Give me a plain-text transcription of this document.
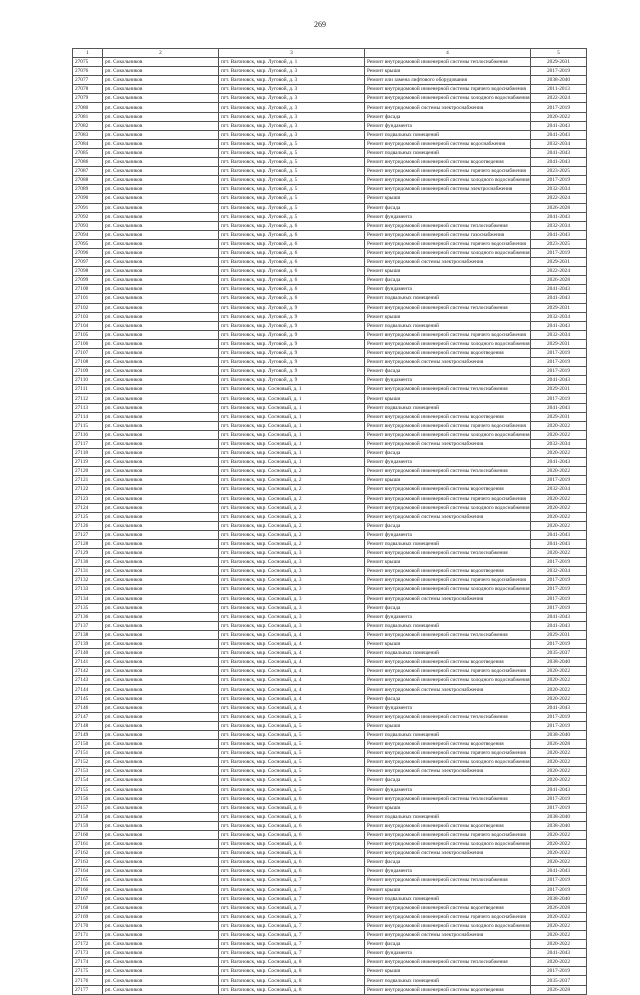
269
1	2	3	4	5
27075	рп. Сокольников	пгт. Вагоновск, мкр. Луговой, д. 1	Ремонт внутридомовой инженерной системы теплоснабжения	2029-2031
27076	рп. Сокольников	пгт. Вагоновск, мкр. Луговой, д. 3	Ремонт крыши	2017-2019
27077	рп. Сокольников	пгт. Вагоновск, мкр. Луговой, д. 3	Ремонт или замена лифтового оборудования	2038-2040
27078	рп. Сокольников	пгт. Вагоновск, мкр. Луговой, д. 3	Ремонт внутридомовой инженерной системы горячего водоснабжения	2011-2013
27079	рп. Сокольников	пгт. Вагоновск, мкр. Луговой, д. 3	Ремонт внутридомовой инженерной системы холодного водоснабжения	2022-2024
27080	рп. Сокольников	пгт. Вагоновск, мкр. Луговой, д. 3	Ремонт внутридомовой системы электроснабжения	2017-2019
27081	рп. Сокольников	пгт. Вагоновск, мкр. Луговой, д. 3	Ремонт фасада	2020-2022
27082	рп. Сокольников	пгт. Вагоновск, мкр. Луговой, д. 3	Ремонт фундамента	2041-2043
27083	рп. Сокольников	пгт. Вагоновск, мкр. Луговой, д. 3	Ремонт подвальных помещений	2041-2043
27084	рп. Сокольников	пгт. Вагоновск, мкр. Луговой, д. 5	Ремонт внутридомовой инженерной системы водоснабжения	2032-2034
27085	рп. Сокольников	пгт. Вагоновск, мкр. Луговой, д. 5	Ремонт подвальных помещений	2041-2043
27086	рп. Сокольников	пгт. Вагоновск, мкр. Луговой, д. 5	Ремонт внутридомовой инженерной системы водоотведения	2041-2043
27087	рп. Сокольников	пгт. Вагоновск, мкр. Луговой, д. 5	Ремонт внутридомовой инженерной системы горячего водоснабжения	2023-2025
27088	рп. Сокольников	пгт. Вагоновск, мкр. Луговой, д. 5	Ремонт внутридомовой инженерной системы холодного водоснабжения	2017-2019
27089	рп. Сокольников	пгт. Вагоновск, мкр. Луговой, д. 5	Ремонт внутридомовой инженерной системы электроснабжения	2032-2034
27090	рп. Сокольников	пгт. Вагоновск, мкр. Луговой, д. 5	Ремонт крыши	2022-2024
27091	рп. Сокольников	пгт. Вагоновск, мкр. Луговой, д. 5	Ремонт фасада	2026-2028
27092	рп. Сокольников	пгт. Вагоновск, мкр. Луговой, д. 5	Ремонт фундамента	2041-2043
27093	рп. Сокольников	пгт. Вагоновск, мкр. Луговой, д. 6	Ремонт внутридомовой инженерной системы теплоснабжения	2032-2034
27094	рп. Сокольников	пгт. Вагоновск, мкр. Луговой, д. 6	Ремонт внутридомовой инженерной системы газоснабжения	2041-2043
27095	рп. Сокольников	пгт. Вагоновск, мкр. Луговой, д. 6	Ремонт внутридомовой инженерной системы горячего водоснабжения	2023-2025
27096	рп. Сокольников	пгт. Вагоновск, мкр. Луговой, д. 6	Ремонт внутридомовой инженерной системы холодного водоснабжения	2017-2019
27097	рп. Сокольников	пгт. Вагоновск, мкр. Луговой, д. 6	Ремонт внутридомовой системы электроснабжения	2029-2031
27098	рп. Сокольников	пгт. Вагоновск, мкр. Луговой, д. 6	Ремонт крыши	2022-2024
27099	рп. Сокольников	пгт. Вагоновск, мкр. Луговой, д. 6	Ремонт фасада	2026-2028
27100	рп. Сокольников	пгт. Вагоновск, мкр. Луговой, д. 6	Ремонт фундамента	2041-2043
27101	рп. Сокольников	пгт. Вагоновск, мкр. Луговой, д. 6	Ремонт подвальных помещений	2041-2043
27102	рп. Сокольников	пгт. Вагоновск, мкр. Луговой, д. 9	Ремонт внутридомовой инженерной системы теплоснабжения	2029-2031
27103	рп. Сокольников	пгт. Вагоновск, мкр. Луговой, д. 9	Ремонт крыши	2032-2034
27104	рп. Сокольников	пгт. Вагоновск, мкр. Луговой, д. 9	Ремонт подвальных помещений	2041-2043
27105	рп. Сокольников	пгт. Вагоновск, мкр. Луговой, д. 9	Ремонт внутридомовой инженерной системы горячего водоснабжения	2032-2034
27106	рп. Сокольников	пгт. Вагоновск, мкр. Луговой, д. 9	Ремонт внутридомовой инженерной системы холодного водоснабжения	2029-2031
27107	рп. Сокольников	пгт. Вагоновск, мкр. Луговой, д. 9	Ремонт внутридомовой инженерной системы водоотведения	2017-2019
27108	рп. Сокольников	пгт. Вагоновск, мкр. Луговой, д. 9	Ремонт внутридомовой системы электроснабжения	2017-2019
27109	рп. Сокольников	пгт. Вагоновск, мкр. Луговой, д. 9	Ремонт фасада	2017-2019
27110	рп. Сокольников	пгт. Вагоновск, мкр. Луговой, д. 9	Ремонт фундамента	2041-2043
27111	рп. Сокольников	пгт. Вагоновск, мкр. Сосновый, д. 1	Ремонт внутридомовой инженерной системы теплоснабжения	2029-2031
27112	рп. Сокольников	пгт. Вагоновск, мкр. Сосновый, д. 1	Ремонт крыши	2017-2019
27113	рп. Сокольников	пгт. Вагоновск, мкр. Сосновый, д. 1	Ремонт подвальных помещений	2041-2043
27114	рп. Сокольников	пгт. Вагоновск, мкр. Сосновый, д. 1	Ремонт внутридомовой инженерной системы водоотведения	2029-2031
27115	рп. Сокольников	пгт. Вагоновск, мкр. Сосновый, д. 1	Ремонт внутридомовой инженерной системы горячего водоснабжения	2020-2022
27116	рп. Сокольников	пгт. Вагоновск, мкр. Сосновый, д. 1	Ремонт внутридомовой инженерной системы холодного водоснабжения	2020-2022
27117	рп. Сокольников	пгт. Вагоновск, мкр. Сосновый, д. 1	Ремонт внутридомовой системы электроснабжения	2032-2034
27118	рп. Сокольников	пгт. Вагоновск, мкр. Сосновый, д. 1	Ремонт фасада	2020-2022
27119	рп. Сокольников	пгт. Вагоновск, мкр. Сосновый, д. 1	Ремонт фундамента	2041-2043
27120	рп. Сокольников	пгт. Вагоновск, мкр. Сосновый, д. 2	Ремонт внутридомовой инженерной системы теплоснабжения	2020-2022
27121	рп. Сокольников	пгт. Вагоновск, мкр. Сосновый, д. 2	Ремонт крыши	2017-2019
27122	рп. Сокольников	пгт. Вагоновск, мкр. Сосновый, д. 2	Ремонт внутридомовой инженерной системы водоотведения	2032-2034
27123	рп. Сокольников	пгт. Вагоновск, мкр. Сосновый, д. 2	Ремонт внутридомовой инженерной системы горячего водоснабжения	2020-2022
27124	рп. Сокольников	пгт. Вагоновск, мкр. Сосновый, д. 2	Ремонт внутридомовой инженерной системы холодного водоснабжения	2020-2022
27125	рп. Сокольников	пгт. Вагоновск, мкр. Сосновый, д. 2	Ремонт внутридомовой системы электроснабжения	2020-2022
27126	рп. Сокольников	пгт. Вагоновск, мкр. Сосновый, д. 2	Ремонт фасада	2020-2022
27127	рп. Сокольников	пгт. Вагоновск, мкр. Сосновый, д. 2	Ремонт фундамента	2041-2043
27128	рп. Сокольников	пгт. Вагоновск, мкр. Сосновый, д. 2	Ремонт подвальных помещений	2041-2043
27129	рп. Сокольников	пгт. Вагоновск, мкр. Сосновый, д. 3	Ремонт внутридомовой инженерной системы теплоснабжения	2020-2022
27130	рп. Сокольников	пгт. Вагоновск, мкр. Сосновый, д. 3	Ремонт крыши	2017-2019
27131	рп. Сокольников	пгт. Вагоновск, мкр. Сосновый, д. 3	Ремонт внутридомовой инженерной системы водоотведения	2032-2034
27132	рп. Сокольников	пгт. Вагоновск, мкр. Сосновый, д. 3	Ремонт внутридомовой инженерной системы горячего водоснабжения	2017-2019
27133	рп. Сокольников	пгт. Вагоновск, мкр. Сосновый, д. 3	Ремонт внутридомовой инженерной системы холодного водоснабжения	2017-2019
27134	рп. Сокольников	пгт. Вагоновск, мкр. Сосновый, д. 3	Ремонт внутридомовой системы электроснабжения	2017-2019
27135	рп. Сокольников	пгт. Вагоновск, мкр. Сосновый, д. 3	Ремонт фасада	2017-2019
27136	рп. Сокольников	пгт. Вагоновск, мкр. Сосновый, д. 3	Ремонт фундамента	2041-2043
27137	рп. Сокольников	пгт. Вагоновск, мкр. Сосновый, д. 3	Ремонт подвальных помещений	2041-2043
27138	рп. Сокольников	пгт. Вагоновск, мкр. Сосновый, д. 4	Ремонт внутридомовой инженерной системы теплоснабжения	2029-2031
27139	рп. Сокольников	пгт. Вагоновск, мкр. Сосновый, д. 4	Ремонт крыши	2017-2019
27140	рп. Сокольников	пгт. Вагоновск, мкр. Сосновый, д. 4	Ремонт подвальных помещений	2035-2037
27141	рп. Сокольников	пгт. Вагоновск, мкр. Сосновый, д. 4	Ремонт внутридомовой инженерной системы водоотведения	2038-2040
27142	рп. Сокольников	пгт. Вагоновск, мкр. Сосновый, д. 4	Ремонт внутридомовой инженерной системы горячего водоснабжения	2020-2022
27143	рп. Сокольников	пгт. Вагоновск, мкр. Сосновый, д. 4	Ремонт внутридомовой инженерной системы холодного водоснабжения	2020-2022
27144	рп. Сокольников	пгт. Вагоновск, мкр. Сосновый, д. 4	Ремонт внутридомовой системы электроснабжения	2020-2022
27145	рп. Сокольников	пгт. Вагоновск, мкр. Сосновый, д. 4	Ремонт фасада	2020-2022
27146	рп. Сокольников	пгт. Вагоновск, мкр. Сосновый, д. 4	Ремонт фундамента	2041-2043
27147	рп. Сокольников	пгт. Вагоновск, мкр. Сосновый, д. 5	Ремонт внутридомовой инженерной системы теплоснабжения	2017-2019
27148	рп. Сокольников	пгт. Вагоновск, мкр. Сосновый, д. 5	Ремонт крыши	2017-2019
27149	рп. Сокольников	пгт. Вагоновск, мкр. Сосновый, д. 5	Ремонт подвальных помещений	2038-2040
27150	рп. Сокольников	пгт. Вагоновск, мкр. Сосновый, д. 5	Ремонт внутридомовой инженерной системы водоотведения	2026-2028
27151	рп. Сокольников	пгт. Вагоновск, мкр. Сосновый, д. 5	Ремонт внутридомовой инженерной системы горячего водоснабжения	2020-2022
27152	рп. Сокольников	пгт. Вагоновск, мкр. Сосновый, д. 5	Ремонт внутридомовой инженерной системы холодного водоснабжения	2020-2022
27153	рп. Сокольников	пгт. Вагоновск, мкр. Сосновый, д. 5	Ремонт внутридомовой системы электроснабжения	2020-2022
27154	рп. Сокольников	пгт. Вагоновск, мкр. Сосновый, д. 5	Ремонт фасада	2020-2022
27155	рп. Сокольников	пгт. Вагоновск, мкр. Сосновый, д. 5	Ремонт фундамента	2041-2043
27156	рп. Сокольников	пгт. Вагоновск, мкр. Сосновый, д. 6	Ремонт внутридомовой инженерной системы теплоснабжения	2017-2019
27157	рп. Сокольников	пгт. Вагоновск, мкр. Сосновый, д. 6	Ремонт крыши	2017-2019
27158	рп. Сокольников	пгт. Вагоновск, мкр. Сосновый, д. 6	Ремонт подвальных помещений	2038-2040
27159	рп. Сокольников	пгт. Вагоновск, мкр. Сосновый, д. 6	Ремонт внутридомовой инженерной системы водоотведения	2038-2040
27160	рп. Сокольников	пгт. Вагоновск, мкр. Сосновый, д. 6	Ремонт внутридомовой инженерной системы горячего водоснабжения	2020-2022
27161	рп. Сокольников	пгт. Вагоновск, мкр. Сосновый, д. 6	Ремонт внутридомовой инженерной системы холодного водоснабжения	2020-2022
27162	рп. Сокольников	пгт. Вагоновск, мкр. Сосновый, д. 6	Ремонт внутридомовой системы электроснабжения	2020-2022
27163	рп. Сокольников	пгт. Вагоновск, мкр. Сосновый, д. 6	Ремонт фасада	2020-2022
27164	рп. Сокольников	пгт. Вагоновск, мкр. Сосновый, д. 6	Ремонт фундамента	2041-2043
27165	рп. Сокольников	пгт. Вагоновск, мкр. Сосновый, д. 7	Ремонт внутридомовой инженерной системы теплоснабжения	2017-2019
27166	рп. Сокольников	пгт. Вагоновск, мкр. Сосновый, д. 7	Ремонт крыши	2017-2019
27167	рп. Сокольников	пгт. Вагоновск, мкр. Сосновый, д. 7	Ремонт подвальных помещений	2038-2040
27168	рп. Сокольников	пгт. Вагоновск, мкр. Сосновый, д. 7	Ремонт внутридомовой инженерной системы водоотведения	2026-2028
27169	рп. Сокольников	пгт. Вагоновск, мкр. Сосновый, д. 7	Ремонт внутридомовой инженерной системы горячего водоснабжения	2020-2022
27170	рп. Сокольников	пгт. Вагоновск, мкр. Сосновый, д. 7	Ремонт внутридомовой инженерной системы холодного водоснабжения	2020-2022
27171	рп. Сокольников	пгт. Вагоновск, мкр. Сосновый, д. 7	Ремонт внутридомовой системы электроснабжения	2020-2022
27172	рп. Сокольников	пгт. Вагоновск, мкр. Сосновый, д. 7	Ремонт фасада	2020-2022
27173	рп. Сокольников	пгт. Вагоновск, мкр. Сосновый, д. 7	Ремонт фундамента	2041-2043
27174	рп. Сокольников	пгт. Вагоновск, мкр. Сосновый, д. 8	Ремонт внутридомовой инженерной системы теплоснабжения	2020-2022
27175	рп. Сокольников	пгт. Вагоновск, мкр. Сосновый, д. 8	Ремонт крыши	2017-2019
27176	рп. Сокольников	пгт. Вагоновск, мкр. Сосновый, д. 8	Ремонт подвальных помещений	2035-2037
27177	рп. Сокольников	пгт. Вагоновск, мкр. Сосновый, д. 8	Ремонт внутридомовой инженерной системы водоотведения	2026-2028
